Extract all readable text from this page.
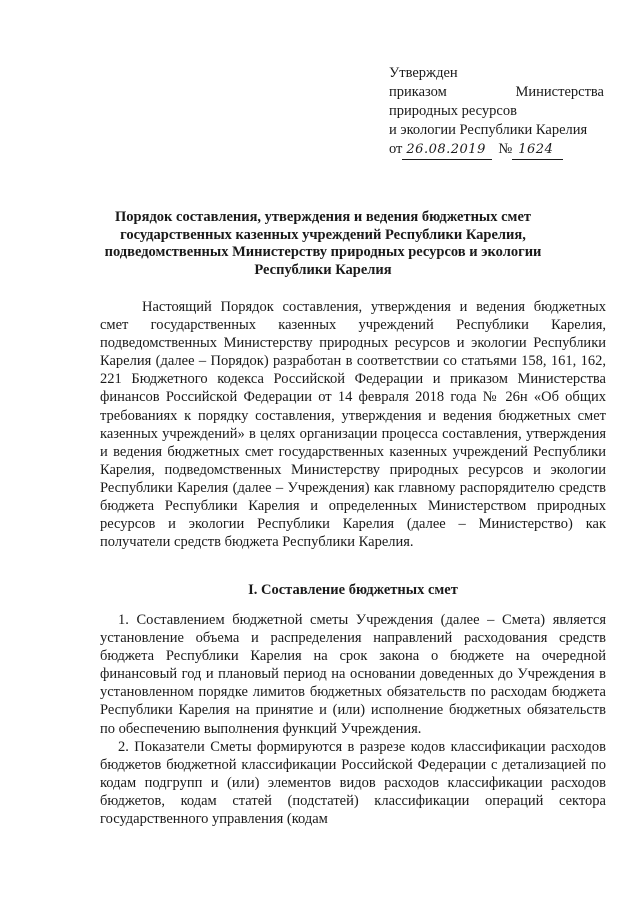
Утвержден
приказом	Министерства
природных ресурсов
и экологии Республики Карелия
от 26.08.2019 № 1624
Порядок составления, утверждения и ведения бюджетных смет государственных казенных учреждений Республики Карелия, подведомственных Министерству природных ресурсов и экологии Республики Карелия

Настоящий Порядок составления, утверждения и ведения бюджетных смет государственных казенных учреждений Республики Карелия, подведомственных Министерству природных ресурсов и экологии Республики Карелия (далее – Порядок) разработан в соответствии со статьями 158, 161, 162, 221 Бюджетного кодекса Российской Федерации и приказом Министерства финансов Российской Федерации от 14 февраля 2018 года № 26н «Об общих требованиях к порядку составления, утверждения и ведения бюджетных смет казенных учреждений» в целях организации процесса составления, утверждения и ведения бюджетных смет государственных казенных учреждений Республики Карелия, подведомственных Министерству природных ресурсов и экологии Республики Карелия (далее – Учреждения) как главному распорядителю средств бюджета Республики Карелия и определенных Министерством природных ресурсов и экологии Республики Карелия (далее – Министерство) как получатели средств бюджета Республики Карелия.

I. Составление бюджетных смет

1. Составлением бюджетной сметы Учреждения (далее – Смета) является установление объема и распределения направлений расходования средств бюджета Республики Карелия на срок закона о бюджете на очередной финансовый год и плановый период на основании доведенных до Учреждения в установленном порядке лимитов бюджетных обязательств по расходам бюджета Республики Карелия на принятие и (или) исполнение бюджетных обязательств по обеспечению выполнения функций Учреждения.

2. Показатели Сметы формируются в разрезе кодов классификации расходов бюджетов бюджетной классификации Российской Федерации с детализацией по кодам подгрупп и (или) элементов видов расходов классификации расходов бюджетов, кодам статей (подстатей) классификации операций сектора государственного управления (кодам
